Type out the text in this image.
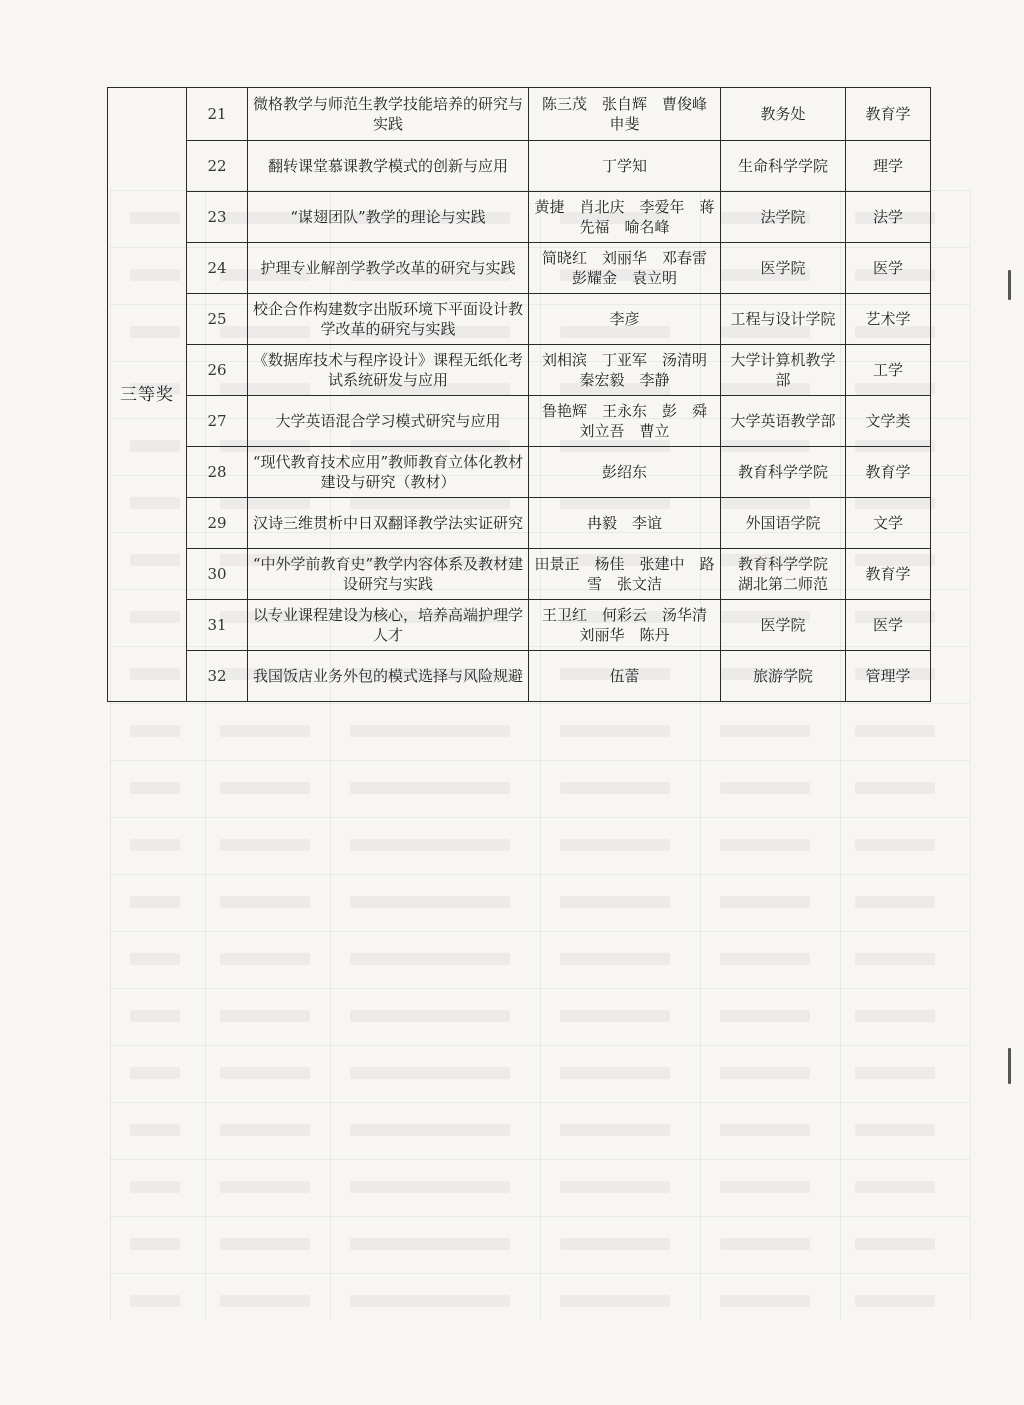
三等奖	21	微格教学与师范生教学技能培养的研究与实践	陈三茂　张自辉　曹俊峰　申斐	教务处	教育学
	22	翻转课堂慕课教学模式的创新与应用	丁学知	生命科学学院	理学
	23	“谋翅团队”教学的理论与实践	黄捷　肖北庆　李爱年　蒋先福　喻名峰	法学院	法学
	24	护理专业解剖学教学改革的研究与实践	简晓红　刘丽华　邓春雷　彭耀金　袁立明	医学院	医学
	25	校企合作构建数字出版环境下平面设计教学改革的研究与实践	李彦	工程与设计学院	艺术学
	26	《数据库技术与程序设计》课程无纸化考试系统研发与应用	刘相滨　丁亚军　汤清明　秦宏毅　李静	大学计算机教学部	工学
	27	大学英语混合学习模式研究与应用	鲁艳辉　王永东　彭　舜　刘立吾　曹立	大学英语教学部	文学类
	28	“现代教育技术应用”教师教育立体化教材建设与研究（教材）	彭绍东	教育科学学院	教育学
	29	汉诗三维贯析中日双翻译教学法实证研究	冉毅　李谊	外国语学院	文学
	30	“中外学前教育史”教学内容体系及教材建设研究与实践	田景正　杨佳　张建中　路雪　张文洁	教育科学学院　湖北第二师范	教育学
	31	以专业课程建设为核心，培养高端护理学人才	王卫红　何彩云　汤华清　刘丽华　陈丹	医学院	医学
	32	我国饭店业务外包的模式选择与风险规避	伍蕾	旅游学院	管理学
